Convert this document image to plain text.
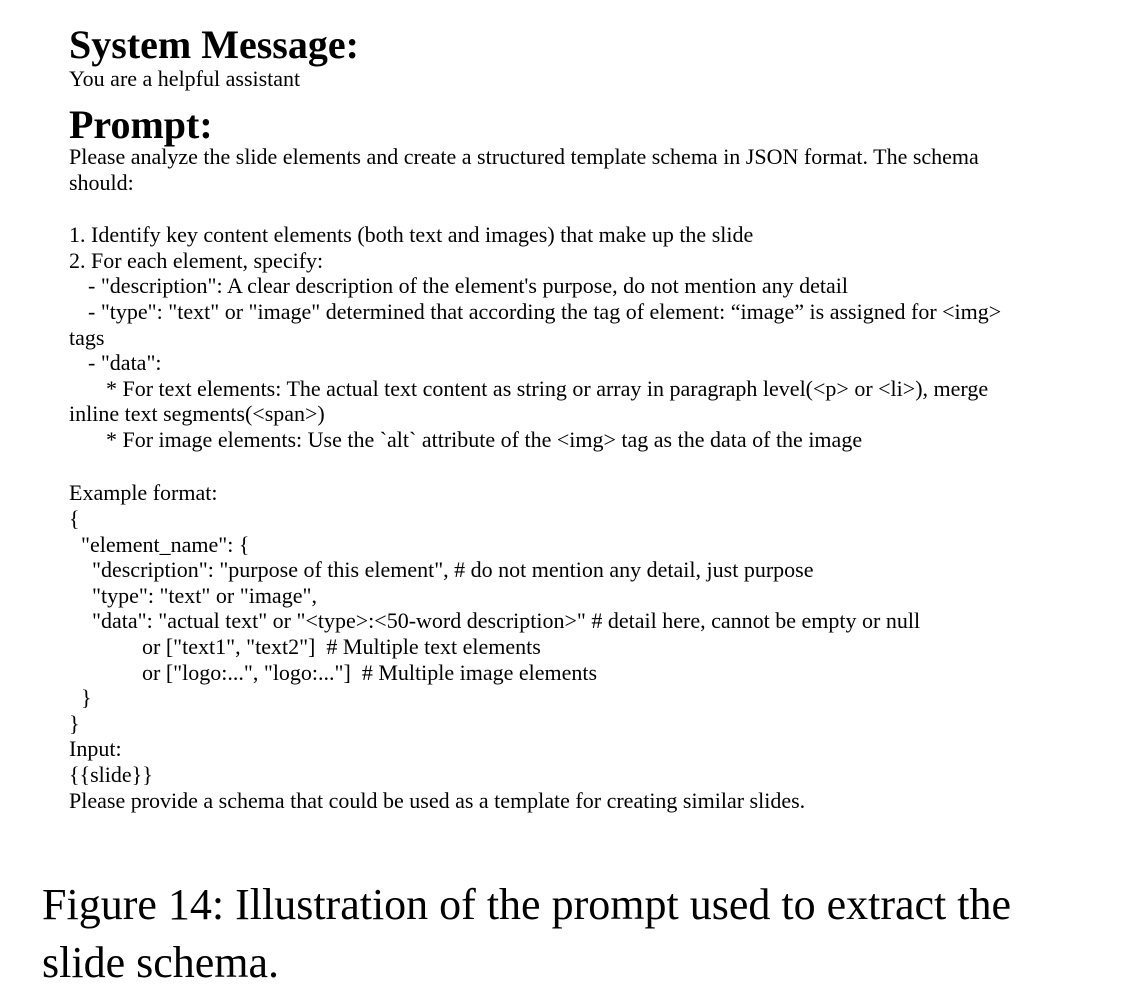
System Message:
You are a helpful assistant
Prompt:
Please analyze the slide elements and create a structured template schema in JSON format. The schema
should:
1. Identify key content elements (both text and images) that make up the slide
2. For each element, specify:
- "description": A clear description of the element's purpose, do not mention any detail
- "type": "text" or "image" determined that according the tag of element: “image” is assigned for <img>
tags
- "data":
* For text elements: The actual text content as string or array in paragraph level(<p> or <li>), merge
inline text segments(<span>)
* For image elements: Use the `alt` attribute of the <img> tag as the data of the image
Example format:
{
"element_name": {
"description": "purpose of this element", # do not mention any detail, just purpose
"type": "text" or "image",
"data": "actual text" or "<type>:<50-word description>" # detail here, cannot be empty or null
or ["text1", "text2"]  # Multiple text elements
or ["logo:...", "logo:..."]  # Multiple image elements
}
}
Input:
{{slide}}
Please provide a schema that could be used as a template for creating similar slides.
Figure 14: Illustration of the prompt used to extract the
slide schema.
